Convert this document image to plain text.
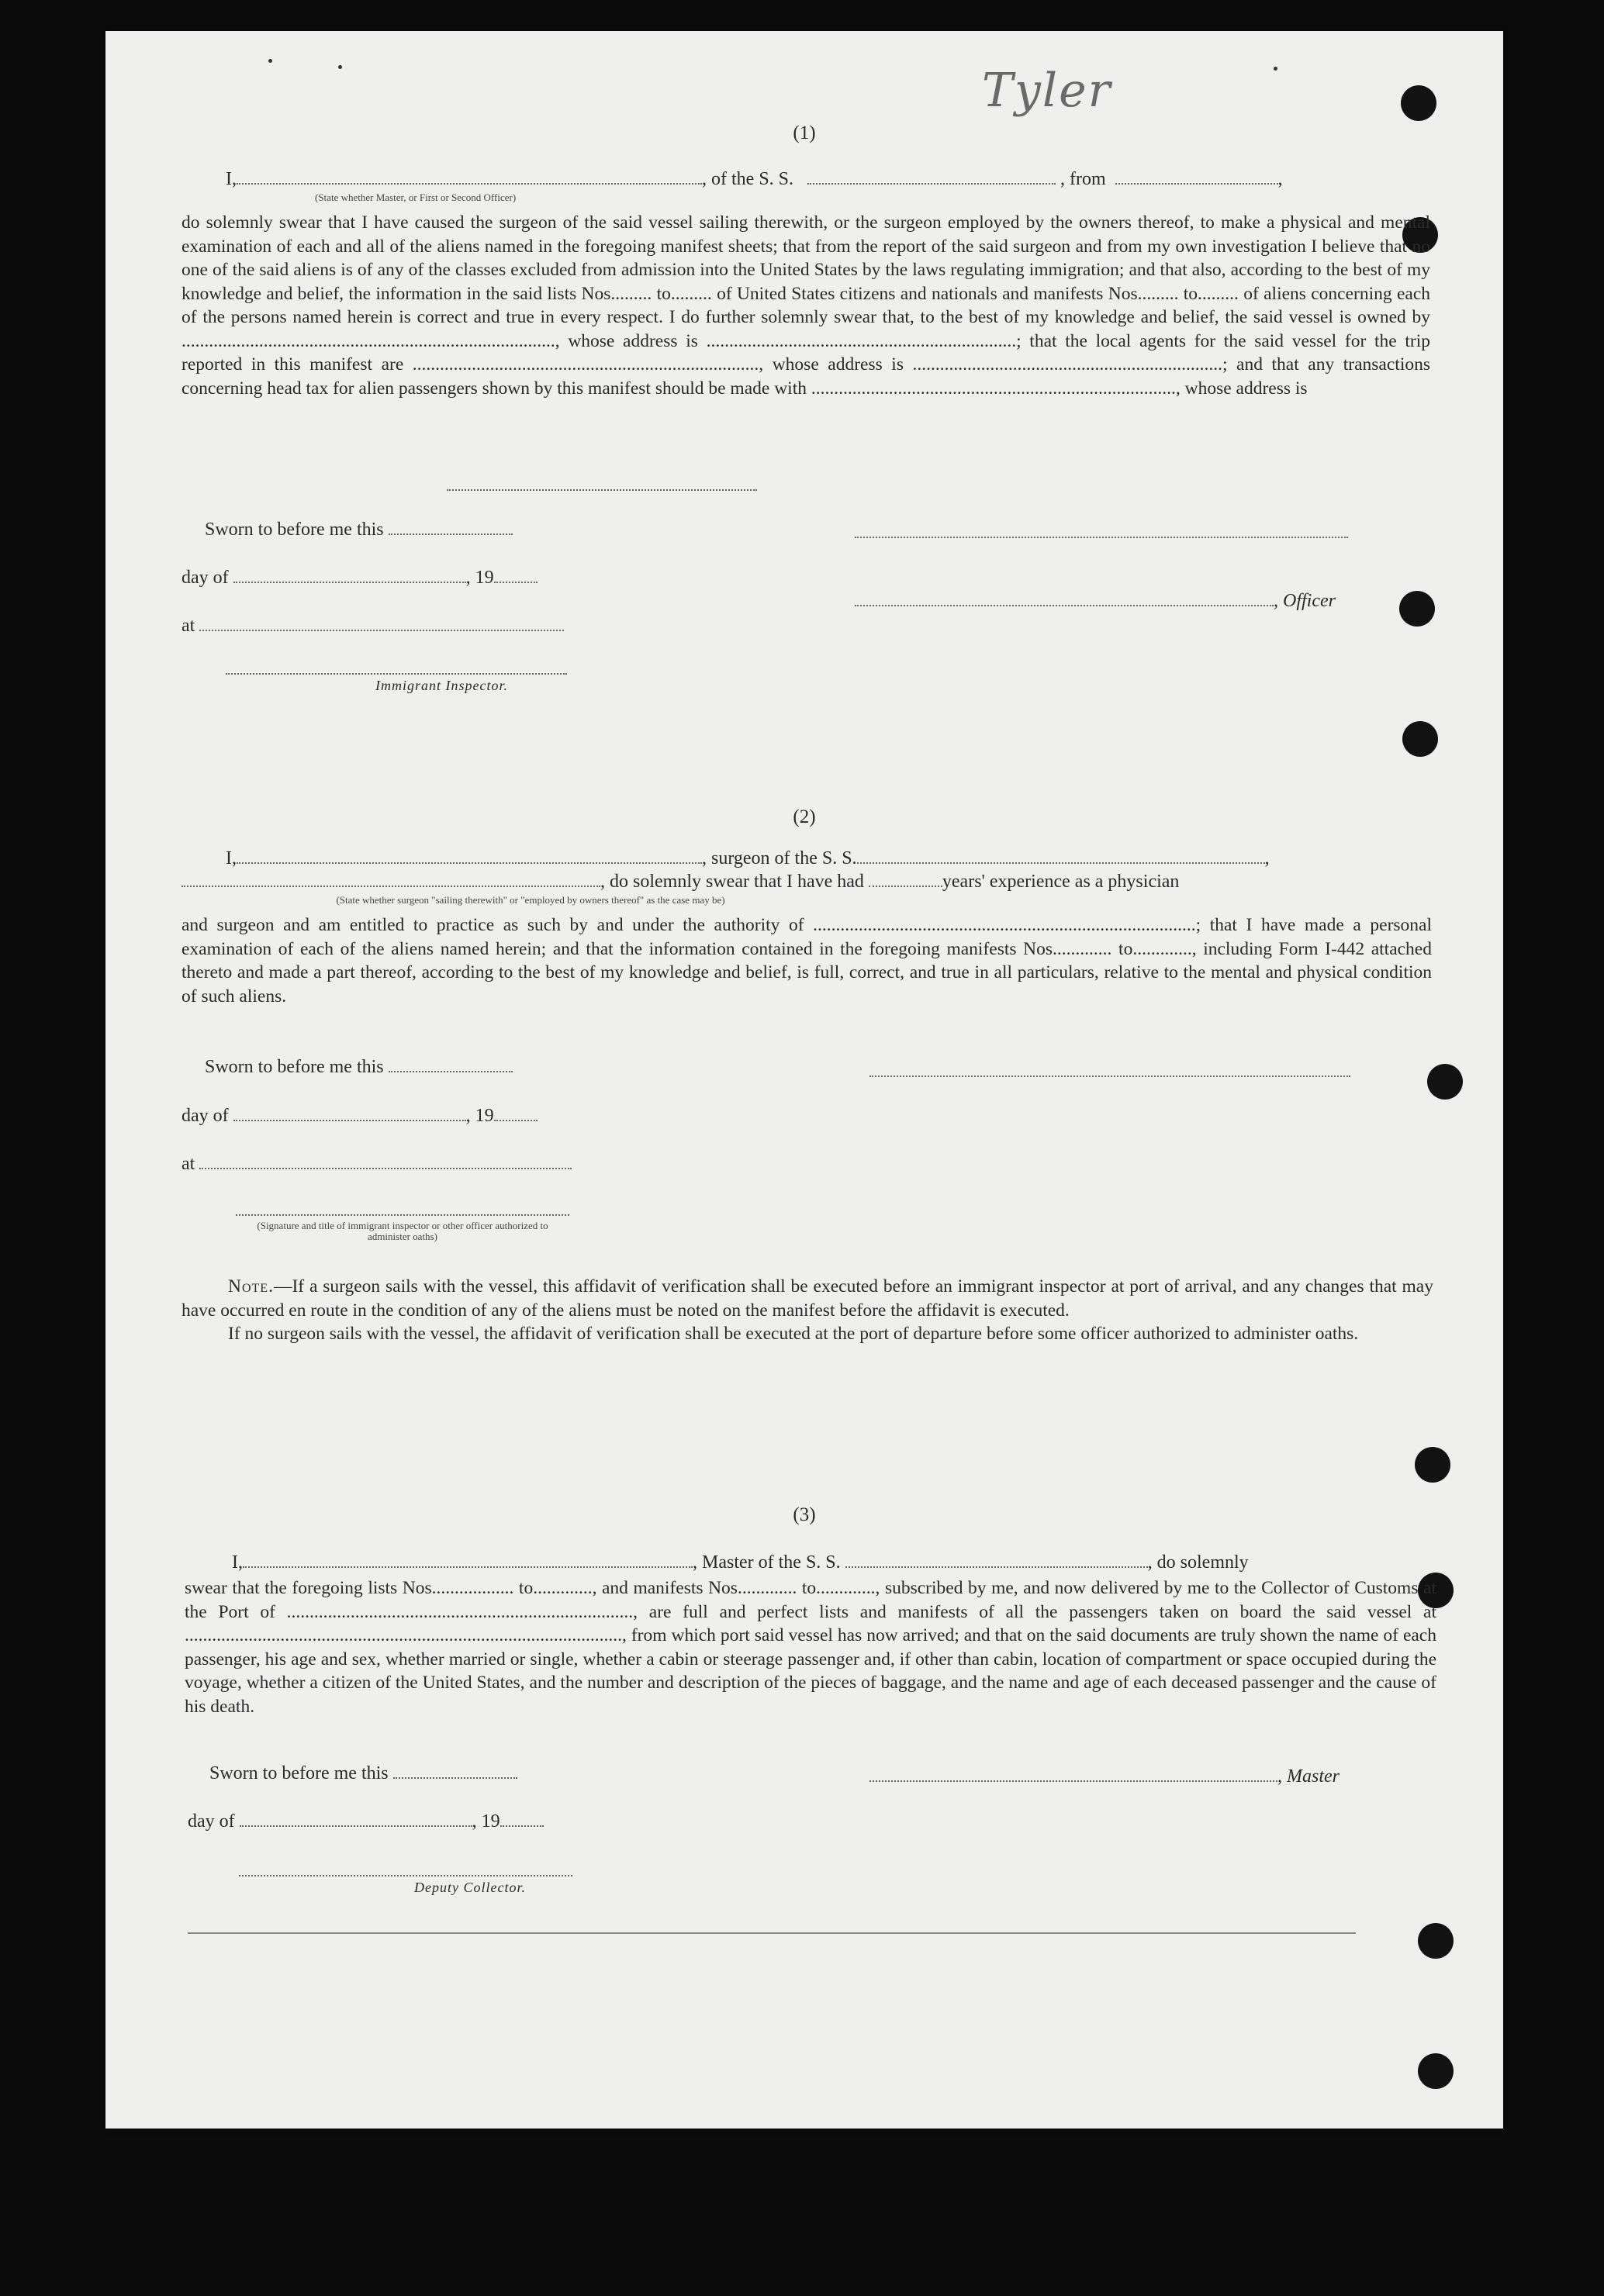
Tyler
(1)
I,	, of the S. S.	, from	,
(State whether Master, or First or Second Officer)

do solemnly swear that I have caused the surgeon of the said vessel sailing therewith, or the surgeon employed by the owners thereof, to make a physical and mental examination of each and all of the aliens named in the foregoing manifest sheets; that from the report of the said surgeon and from my own investigation I believe that no one of the said aliens is of any of the classes excluded from admission into the United States by the laws regulating immigration; and that also, according to the best of my knowledge and belief, the information in the said lists Nos......... to......... of United States citizens and nationals and manifests Nos......... to......... of aliens concerning each of the persons named herein is correct and true in every respect. I do further solemnly swear that, to the best of my knowledge and belief, the said vessel is owned by .................................................................................., whose address is ....................................................................; that the local agents for the said vessel for the trip reported in this manifest are ............................................................................, whose address is ....................................................................; and that any transactions concerning head tax for alien passengers shown by this manifest should be made with ................................................................................, whose address is

Sworn to before me this
day of	, 19
, Officer
at
Immigrant Inspector.
(2)
I,	, surgeon of the S. S.	,
, do solemnly swear that I have had	years' experience as a physician
(State whether surgeon "sailing therewith" or "employed by owners thereof" as the case may be)

and surgeon and am entitled to practice as such by and under the authority of ....................................................................................; that I have made a personal examination of each of the aliens named herein; and that the information contained in the foregoing manifests Nos............. to............., including Form I-442 attached thereto and made a part thereof, according to the best of my knowledge and belief, is full, correct, and true in all particulars, relative to the mental and physical condition of such aliens.

Sworn to before me this
day of	, 19
at
(Signature and title of immigrant inspector or other officer authorized to administer oaths)

Note.—If a surgeon sails with the vessel, this affidavit of verification shall be executed before an immigrant inspector at port of arrival, and any changes that may have occurred en route in the condition of any of the aliens must be noted on the manifest before the affidavit is executed.

If no surgeon sails with the vessel, the affidavit of verification shall be executed at the port of departure before some officer authorized to administer oaths.

(3)
I,	, Master of the S. S.	, do solemnly

swear that the foregoing lists Nos.................. to............., and manifests Nos............. to............., subscribed by me, and now delivered by me to the Collector of Customs at the Port of ............................................................................, are full and perfect lists and manifests of all the passengers taken on board the said vessel at ................................................................................................, from which port said vessel has now arrived; and that on the said documents are truly shown the name of each passenger, his age and sex, whether married or single, whether a cabin or steerage passenger and, if other than cabin, location of compartment or space occupied during the voyage, whether a citizen of the United States, and the number and description of the pieces of baggage, and the name and age of each deceased passenger and the cause of his death.

Sworn to before me this	, Master
day of	, 19
Deputy Collector.
